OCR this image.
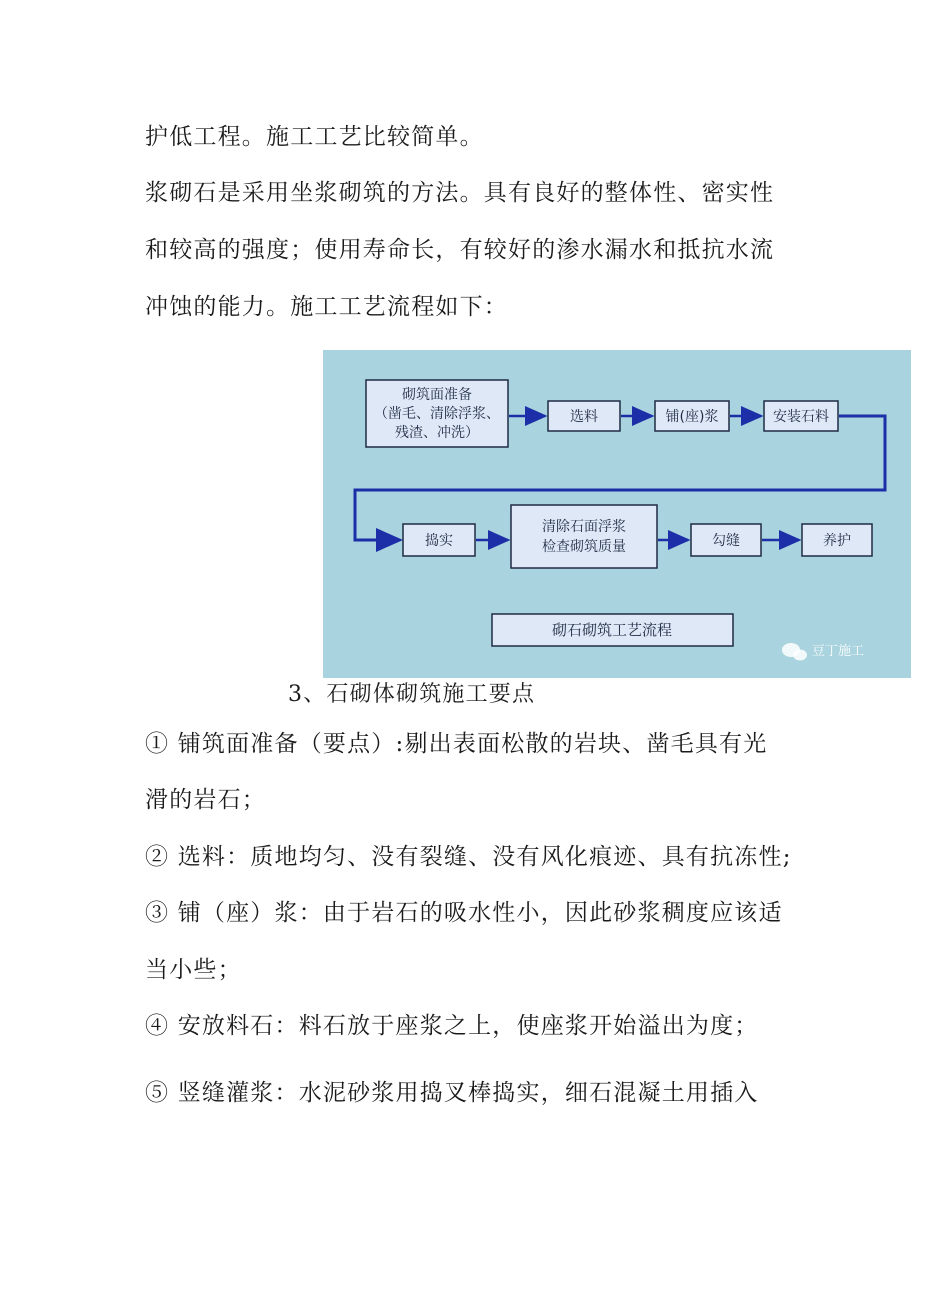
护低工程。施工工艺比较简单。
浆砌石是采用坐浆砌筑的方法。具有良好的整体性、密实性
和较高的强度；使用寿命长，有较好的渗水漏水和抵抗水流
冲蚀的能力。施工工艺流程如下：
砌筑面准备
（凿毛、清除浮浆、
残渣、冲洗）
选料	铺(座)浆	安装石料
捣实
清除石面浮浆
检查砌筑质量	勾缝	养护
砌石砌筑工艺流程
豆丁施工
3、石砌体砌筑施工要点
① 铺筑面准备（要点）:剔出表面松散的岩块、凿毛具有光
滑的岩石；
② 选料：质地均匀、没有裂缝、没有风化痕迹、具有抗冻性;
③ 铺（座）浆：由于岩石的吸水性小，因此砂浆稠度应该适
当小些；
④ 安放料石：料石放于座浆之上，使座浆开始溢出为度；
⑤ 竖缝灌浆：水泥砂浆用捣叉棒捣实，细石混凝土用插入
